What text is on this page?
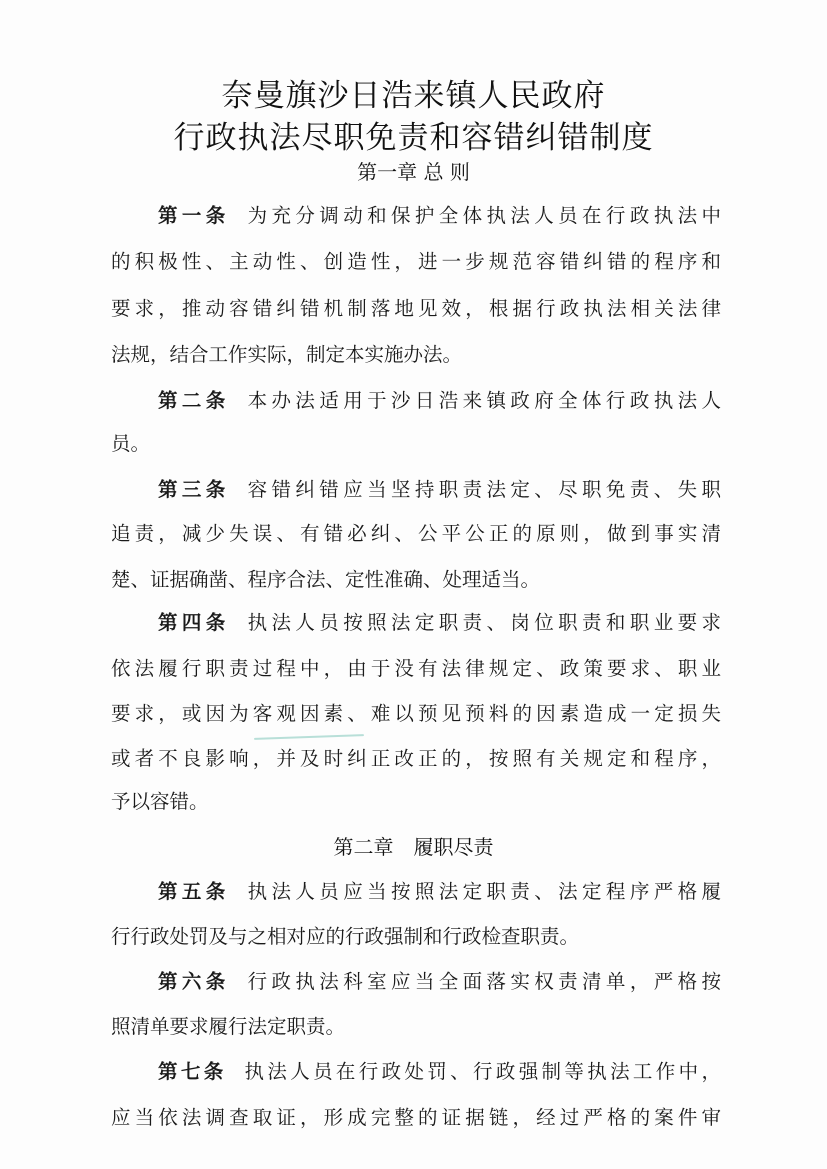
奈曼旗沙日浩来镇人民政府
行政执法尽职免责和容错纠错制度
第一章 总 则
第一条 为充分调动和保护全体执法人员在行政执法中
的积极性、主动性、创造性，进一步规范容错纠错的程序和
要求，推动容错纠错机制落地见效，根据行政执法相关法律
法规，结合工作实际，制定本实施办法。
第二条 本办法适用于沙日浩来镇政府全体行政执法人
员。
第三条 容错纠错应当坚持职责法定、尽职免责、失职
追责，减少失误、有错必纠、公平公正的原则，做到事实清
楚、证据确凿、程序合法、定性准确、处理适当。
第四条 执法人员按照法定职责、岗位职责和职业要求
依法履行职责过程中，由于没有法律规定、政策要求、职业
要求，或因为客观因素、难以预见预料的因素造成一定损失
或者不良影响，并及时纠正改正的，按照有关规定和程序，
予以容错。
第二章　履职尽责
第五条 执法人员应当按照法定职责、法定程序严格履
行行政处罚及与之相对应的行政强制和行政检查职责。
第六条 行政执法科室应当全面落实权责清单，严格按
照清单要求履行法定职责。
第七条 执法人员在行政处罚、行政强制等执法工作中，
应当依法调查取证，形成完整的证据链，经过严格的案件审
